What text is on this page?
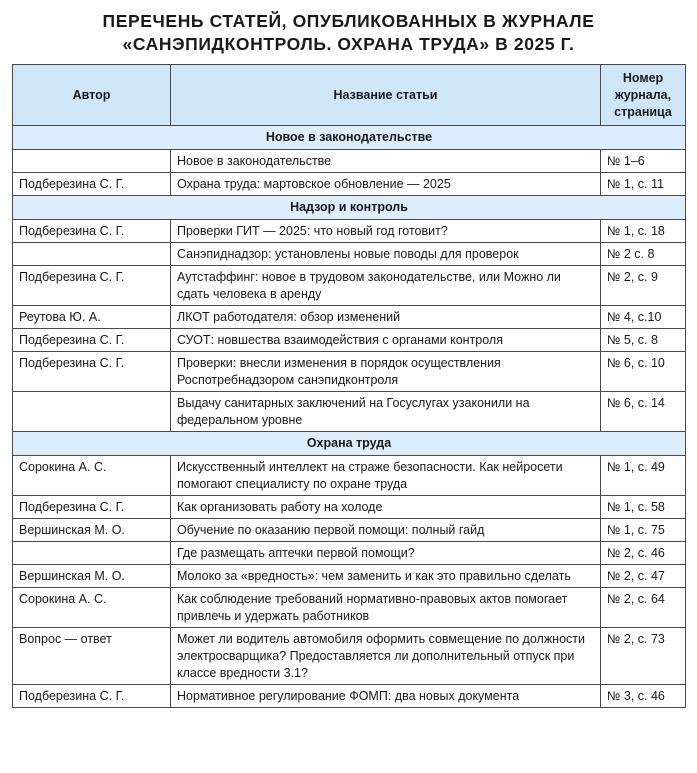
ПЕРЕЧЕНЬ СТАТЕЙ, ОПУБЛИКОВАННЫХ В ЖУРНАЛЕ
«САНЭПИДКОНТРОЛЬ. ОХРАНА ТРУДА» В 2025 Г.
Автор	Название статьи	Номер журнала, страница
Новое в законодательстве		
	Новое в законодательстве	№ 1–6
Подберезина С. Г.	Охрана труда: мартовское обновление — 2025	№ 1, с. 11
Надзор и контроль		
Подберезина С. Г.	Проверки ГИТ — 2025: что новый год готовит?	№ 1, с. 18
	Санэпиднадзор: установлены новые поводы для проверок	№ 2 с. 8
Подберезина С. Г.	Аутстаффинг: новое в трудовом законодательстве, или Можно ли сдать человека в аренду	№ 2, с. 9
Реутова Ю. А.	ЛКОТ работодателя: обзор изменений	№ 4, с.10
Подберезина С. Г.	СУОТ: новшества взаимодействия с органами контроля	№ 5, с. 8
Подберезина С. Г.	Проверки: внесли изменения в порядок осуществления Роспотребнадзором санэпидконтроля	№ 6, с. 10
	Выдачу санитарных заключений на Госуслугах узаконили на федеральном уровне	№ 6, с. 14
Охрана труда		
Сорокина А. С.	Искусственный интеллект на страже безопасности. Как нейросети помогают специалисту по охране труда	№ 1, с. 49
Подберезина С. Г.	Как организовать работу на холоде	№ 1, с. 58
Вершинская М. О.	Обучение по оказанию первой помощи: полный гайд	№ 1, с. 75
	Где размещать аптечки первой помощи?	№ 2, с. 46
Вершинская М. О.	Молоко за «вредность»: чем заменить и как это правильно сделать	№ 2, с. 47
Сорокина А. С.	Как соблюдение требований нормативно-правовых актов помогает привлечь и удержать работников	№ 2, с. 64
Вопрос — ответ	Может ли водитель автомобиля оформить совмещение по должности электросварщика? Предоставляется ли дополнительный отпуск при классе вредности 3.1?	№ 2, с. 73
Подберезина С. Г.	Нормативное регулирование ФОМП: два новых документа	№ 3, с. 46
